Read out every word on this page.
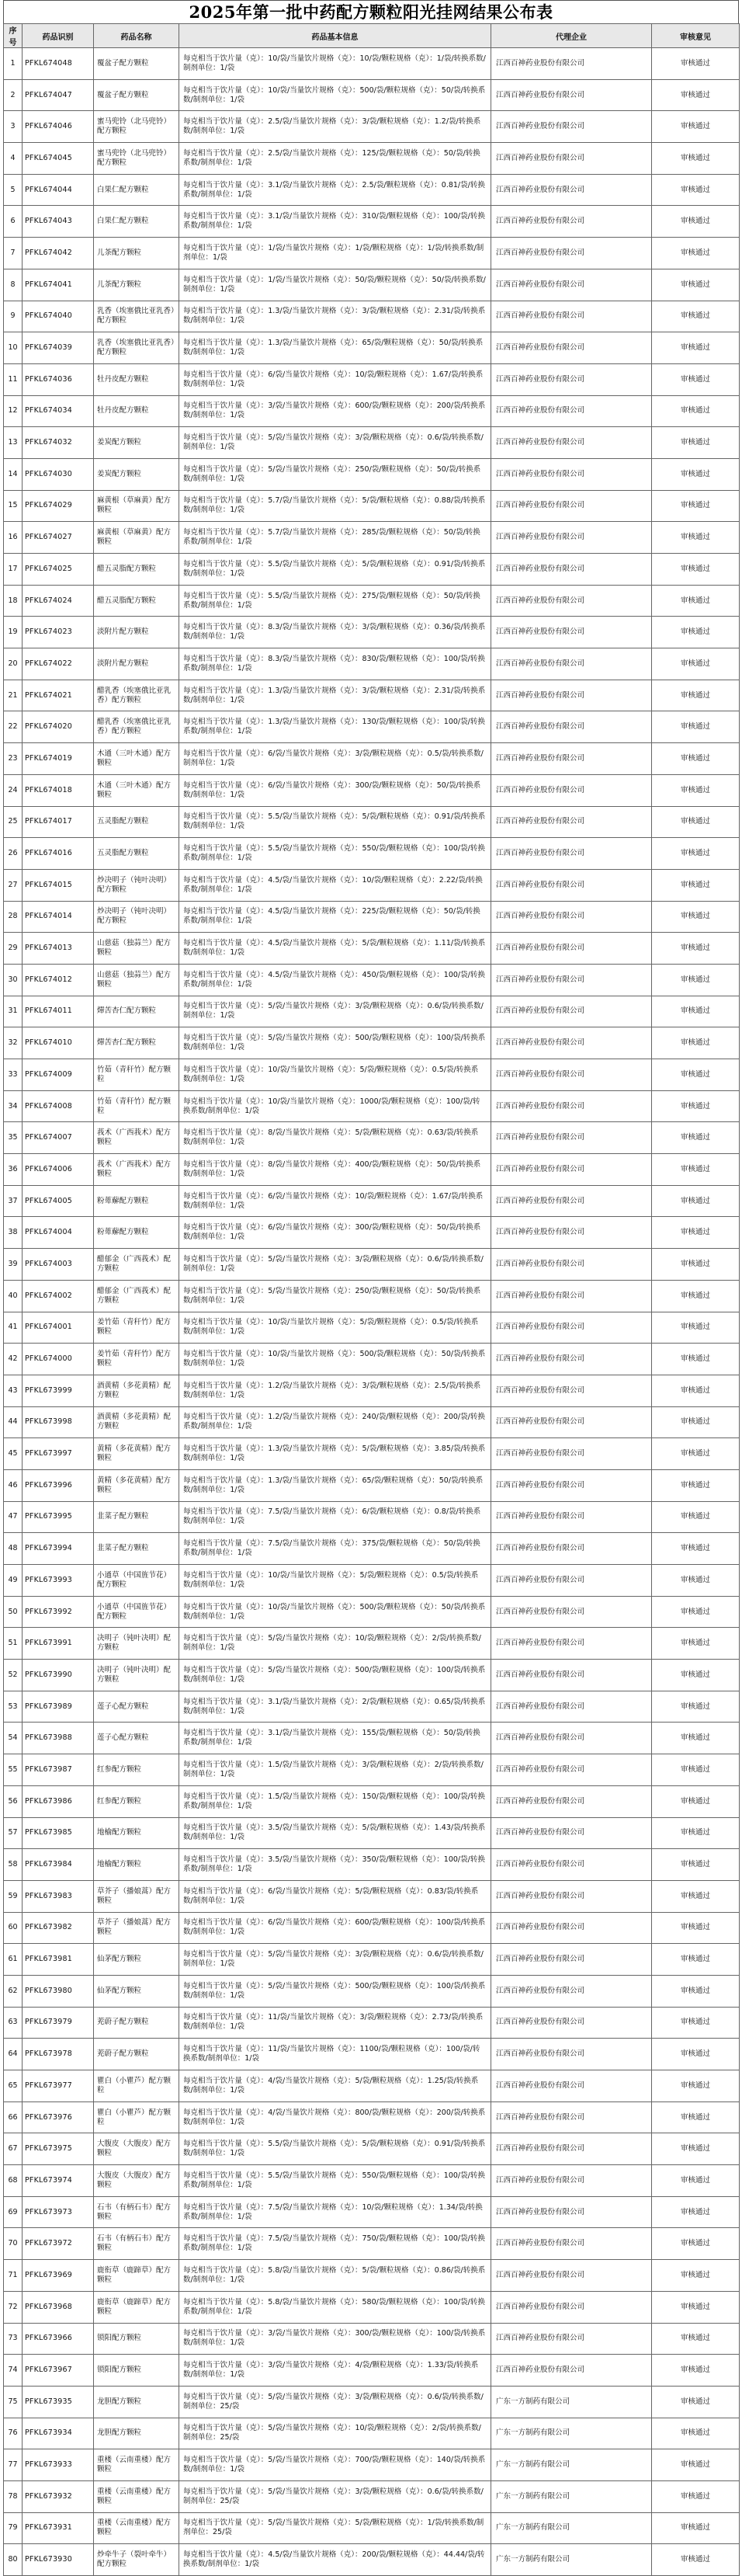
2025年第一批中药配方颗粒阳光挂网结果公布表
序号	药品识别	药品名称	药品基本信息	代理企业	审核意见
1	PFKL674048	覆盆子配方颗粒	每克相当于饮片量（克）：10/袋/当量饮片规格（克）：10/袋/颗粒规格（克）：1/袋/转换系数/制剂单位：1/袋	江西百神药业股份有限公司	审核通过
2	PFKL674047	覆盆子配方颗粒	每克相当于饮片量（克）：10/袋/当量饮片规格（克）：500/袋/颗粒规格（克）：50/袋/转换系数/制剂单位：1/袋	江西百神药业股份有限公司	审核通过
3	PFKL674046	蜜马兜铃（北马兜铃）配方颗粒	每克相当于饮片量（克）：2.5/袋/当量饮片规格（克）：3/袋/颗粒规格（克）：1.2/袋/转换系数/制剂单位：1/袋	江西百神药业股份有限公司	审核通过
4	PFKL674045	蜜马兜铃（北马兜铃）配方颗粒	每克相当于饮片量（克）：2.5/袋/当量饮片规格（克）：125/袋/颗粒规格（克）：50/袋/转换系数/制剂单位：1/袋	江西百神药业股份有限公司	审核通过
5	PFKL674044	白果仁配方颗粒	每克相当于饮片量（克）：3.1/袋/当量饮片规格（克）：2.5/袋/颗粒规格（克）：0.81/袋/转换系数/制剂单位：1/袋	江西百神药业股份有限公司	审核通过
6	PFKL674043	白果仁配方颗粒	每克相当于饮片量（克）：3.1/袋/当量饮片规格（克）：310/袋/颗粒规格（克）：100/袋/转换系数/制剂单位：1/袋	江西百神药业股份有限公司	审核通过
7	PFKL674042	儿茶配方颗粒	每克相当于饮片量（克）：1/袋/当量饮片规格（克）：1/袋/颗粒规格（克）：1/袋/转换系数/制剂单位：1/袋	江西百神药业股份有限公司	审核通过
8	PFKL674041	儿茶配方颗粒	每克相当于饮片量（克）：1/袋/当量饮片规格（克）：50/袋/颗粒规格（克）：50/袋/转换系数/制剂单位：1/袋	江西百神药业股份有限公司	审核通过
9	PFKL674040	乳香（埃塞俄比亚乳香）配方颗粒	每克相当于饮片量（克）：1.3/袋/当量饮片规格（克）：3/袋/颗粒规格（克）：2.31/袋/转换系数/制剂单位：1/袋	江西百神药业股份有限公司	审核通过
10	PFKL674039	乳香（埃塞俄比亚乳香）配方颗粒	每克相当于饮片量（克）：1.3/袋/当量饮片规格（克）：65/袋/颗粒规格（克）：50/袋/转换系数/制剂单位：1/袋	江西百神药业股份有限公司	审核通过
11	PFKL674036	牡丹皮配方颗粒	每克相当于饮片量（克）：6/袋/当量饮片规格（克）：10/袋/颗粒规格（克）：1.67/袋/转换系数/制剂单位：1/袋	江西百神药业股份有限公司	审核通过
12	PFKL674034	牡丹皮配方颗粒	每克相当于饮片量（克）：3/袋/当量饮片规格（克）：600/袋/颗粒规格（克）：200/袋/转换系数/制剂单位：1/袋	江西百神药业股份有限公司	审核通过
13	PFKL674032	姜炭配方颗粒	每克相当于饮片量（克）：5/袋/当量饮片规格（克）：3/袋/颗粒规格（克）：0.6/袋/转换系数/制剂单位：1/袋	江西百神药业股份有限公司	审核通过
14	PFKL674030	姜炭配方颗粒	每克相当于饮片量（克）：5/袋/当量饮片规格（克）：250/袋/颗粒规格（克）：50/袋/转换系数/制剂单位：1/袋	江西百神药业股份有限公司	审核通过
15	PFKL674029	麻黄根（草麻黄）配方颗粒	每克相当于饮片量（克）：5.7/袋/当量饮片规格（克）：5/袋/颗粒规格（克）：0.88/袋/转换系数/制剂单位：1/袋	江西百神药业股份有限公司	审核通过
16	PFKL674027	麻黄根（草麻黄）配方颗粒	每克相当于饮片量（克）：5.7/袋/当量饮片规格（克）：285/袋/颗粒规格（克）：50/袋/转换系数/制剂单位：1/袋	江西百神药业股份有限公司	审核通过
17	PFKL674025	醋五灵脂配方颗粒	每克相当于饮片量（克）：5.5/袋/当量饮片规格（克）：5/袋/颗粒规格（克）：0.91/袋/转换系数/制剂单位：1/袋	江西百神药业股份有限公司	审核通过
18	PFKL674024	醋五灵脂配方颗粒	每克相当于饮片量（克）：5.5/袋/当量饮片规格（克）：275/袋/颗粒规格（克）：50/袋/转换系数/制剂单位：1/袋	江西百神药业股份有限公司	审核通过
19	PFKL674023	淡附片配方颗粒	每克相当于饮片量（克）：8.3/袋/当量饮片规格（克）：3/袋/颗粒规格（克）：0.36/袋/转换系数/制剂单位：1/袋	江西百神药业股份有限公司	审核通过
20	PFKL674022	淡附片配方颗粒	每克相当于饮片量（克）：8.3/袋/当量饮片规格（克）：830/袋/颗粒规格（克）：100/袋/转换系数/制剂单位：1/袋	江西百神药业股份有限公司	审核通过
21	PFKL674021	醋乳香（埃塞俄比亚乳香）配方颗粒	每克相当于饮片量（克）：1.3/袋/当量饮片规格（克）：3/袋/颗粒规格（克）：2.31/袋/转换系数/制剂单位：1/袋	江西百神药业股份有限公司	审核通过
22	PFKL674020	醋乳香（埃塞俄比亚乳香）配方颗粒	每克相当于饮片量（克）：1.3/袋/当量饮片规格（克）：130/袋/颗粒规格（克）：100/袋/转换系数/制剂单位：1/袋	江西百神药业股份有限公司	审核通过
23	PFKL674019	木通（三叶木通）配方颗粒	每克相当于饮片量（克）：6/袋/当量饮片规格（克）：3/袋/颗粒规格（克）：0.5/袋/转换系数/制剂单位：1/袋	江西百神药业股份有限公司	审核通过
24	PFKL674018	木通（三叶木通）配方颗粒	每克相当于饮片量（克）：6/袋/当量饮片规格（克）：300/袋/颗粒规格（克）：50/袋/转换系数/制剂单位：1/袋	江西百神药业股份有限公司	审核通过
25	PFKL674017	五灵脂配方颗粒	每克相当于饮片量（克）：5.5/袋/当量饮片规格（克）：5/袋/颗粒规格（克）：0.91/袋/转换系数/制剂单位：1/袋	江西百神药业股份有限公司	审核通过
26	PFKL674016	五灵脂配方颗粒	每克相当于饮片量（克）：5.5/袋/当量饮片规格（克）：550/袋/颗粒规格（克）：100/袋/转换系数/制剂单位：1/袋	江西百神药业股份有限公司	审核通过
27	PFKL674015	炒决明子（钝叶决明）配方颗粒	每克相当于饮片量（克）：4.5/袋/当量饮片规格（克）：10/袋/颗粒规格（克）：2.22/袋/转换系数/制剂单位：1/袋	江西百神药业股份有限公司	审核通过
28	PFKL674014	炒决明子（钝叶决明）配方颗粒	每克相当于饮片量（克）：4.5/袋/当量饮片规格（克）：225/袋/颗粒规格（克）：50/袋/转换系数/制剂单位：1/袋	江西百神药业股份有限公司	审核通过
29	PFKL674013	山慈菇（独蒜兰）配方颗粒	每克相当于饮片量（克）：4.5/袋/当量饮片规格（克）：5/袋/颗粒规格（克）：1.11/袋/转换系数/制剂单位：1/袋	江西百神药业股份有限公司	审核通过
30	PFKL674012	山慈菇（独蒜兰）配方颗粒	每克相当于饮片量（克）：4.5/袋/当量饮片规格（克）：450/袋/颗粒规格（克）：100/袋/转换系数/制剂单位：1/袋	江西百神药业股份有限公司	审核通过
31	PFKL674011	燀苦杏仁配方颗粒	每克相当于饮片量（克）：5/袋/当量饮片规格（克）：3/袋/颗粒规格（克）：0.6/袋/转换系数/制剂单位：1/袋	江西百神药业股份有限公司	审核通过
32	PFKL674010	燀苦杏仁配方颗粒	每克相当于饮片量（克）：5/袋/当量饮片规格（克）：500/袋/颗粒规格（克）：100/袋/转换系数/制剂单位：1/袋	江西百神药业股份有限公司	审核通过
33	PFKL674009	竹茹（青秆竹）配方颗粒	每克相当于饮片量（克）：10/袋/当量饮片规格（克）：5/袋/颗粒规格（克）：0.5/袋/转换系数/制剂单位：1/袋	江西百神药业股份有限公司	审核通过
34	PFKL674008	竹茹（青秆竹）配方颗粒	每克相当于饮片量（克）：10/袋/当量饮片规格（克）：1000/袋/颗粒规格（克）：100/袋/转换系数/制剂单位：1/袋	江西百神药业股份有限公司	审核通过
35	PFKL674007	莪术（广西莪术）配方颗粒	每克相当于饮片量（克）：8/袋/当量饮片规格（克）：5/袋/颗粒规格（克）：0.63/袋/转换系数/制剂单位：1/袋	江西百神药业股份有限公司	审核通过
36	PFKL674006	莪术（广西莪术）配方颗粒	每克相当于饮片量（克）：8/袋/当量饮片规格（克）：400/袋/颗粒规格（克）：50/袋/转换系数/制剂单位：1/袋	江西百神药业股份有限公司	审核通过
37	PFKL674005	粉萆薢配方颗粒	每克相当于饮片量（克）：6/袋/当量饮片规格（克）：10/袋/颗粒规格（克）：1.67/袋/转换系数/制剂单位：1/袋	江西百神药业股份有限公司	审核通过
38	PFKL674004	粉萆薢配方颗粒	每克相当于饮片量（克）：6/袋/当量饮片规格（克）：300/袋/颗粒规格（克）：50/袋/转换系数/制剂单位：1/袋	江西百神药业股份有限公司	审核通过
39	PFKL674003	醋郁金（广西莪术）配方颗粒	每克相当于饮片量（克）：5/袋/当量饮片规格（克）：3/袋/颗粒规格（克）：0.6/袋/转换系数/制剂单位：1/袋	江西百神药业股份有限公司	审核通过
40	PFKL674002	醋郁金（广西莪术）配方颗粒	每克相当于饮片量（克）：5/袋/当量饮片规格（克）：250/袋/颗粒规格（克）：50/袋/转换系数/制剂单位：1/袋	江西百神药业股份有限公司	审核通过
41	PFKL674001	姜竹茹（青秆竹）配方颗粒	每克相当于饮片量（克）：10/袋/当量饮片规格（克）：5/袋/颗粒规格（克）：0.5/袋/转换系数/制剂单位：1/袋	江西百神药业股份有限公司	审核通过
42	PFKL674000	姜竹茹（青秆竹）配方颗粒	每克相当于饮片量（克）：10/袋/当量饮片规格（克）：500/袋/颗粒规格（克）：50/袋/转换系数/制剂单位：1/袋	江西百神药业股份有限公司	审核通过
43	PFKL673999	酒黄精（多花黄精）配方颗粒	每克相当于饮片量（克）：1.2/袋/当量饮片规格（克）：3/袋/颗粒规格（克）：2.5/袋/转换系数/制剂单位：1/袋	江西百神药业股份有限公司	审核通过
44	PFKL673998	酒黄精（多花黄精）配方颗粒	每克相当于饮片量（克）：1.2/袋/当量饮片规格（克）：240/袋/颗粒规格（克）：200/袋/转换系数/制剂单位：1/袋	江西百神药业股份有限公司	审核通过
45	PFKL673997	黄精（多花黄精）配方颗粒	每克相当于饮片量（克）：1.3/袋/当量饮片规格（克）：5/袋/颗粒规格（克）：3.85/袋/转换系数/制剂单位：1/袋	江西百神药业股份有限公司	审核通过
46	PFKL673996	黄精（多花黄精）配方颗粒	每克相当于饮片量（克）：1.3/袋/当量饮片规格（克）：65/袋/颗粒规格（克）：50/袋/转换系数/制剂单位：1/袋	江西百神药业股份有限公司	审核通过
47	PFKL673995	韭菜子配方颗粒	每克相当于饮片量（克）：7.5/袋/当量饮片规格（克）：6/袋/颗粒规格（克）：0.8/袋/转换系数/制剂单位：1/袋	江西百神药业股份有限公司	审核通过
48	PFKL673994	韭菜子配方颗粒	每克相当于饮片量（克）：7.5/袋/当量饮片规格（克）：375/袋/颗粒规格（克）：50/袋/转换系数/制剂单位：1/袋	江西百神药业股份有限公司	审核通过
49	PFKL673993	小通草（中国旌节花）配方颗粒	每克相当于饮片量（克）：10/袋/当量饮片规格（克）：5/袋/颗粒规格（克）：0.5/袋/转换系数/制剂单位：1/袋	江西百神药业股份有限公司	审核通过
50	PFKL673992	小通草（中国旌节花）配方颗粒	每克相当于饮片量（克）：10/袋/当量饮片规格（克）：500/袋/颗粒规格（克）：50/袋/转换系数/制剂单位：1/袋	江西百神药业股份有限公司	审核通过
51	PFKL673991	决明子（钝叶决明）配方颗粒	每克相当于饮片量（克）：5/袋/当量饮片规格（克）：10/袋/颗粒规格（克）：2/袋/转换系数/制剂单位：1/袋	江西百神药业股份有限公司	审核通过
52	PFKL673990	决明子（钝叶决明）配方颗粒	每克相当于饮片量（克）：5/袋/当量饮片规格（克）：500/袋/颗粒规格（克）：100/袋/转换系数/制剂单位：1/袋	江西百神药业股份有限公司	审核通过
53	PFKL673989	莲子心配方颗粒	每克相当于饮片量（克）：3.1/袋/当量饮片规格（克）：2/袋/颗粒规格（克）：0.65/袋/转换系数/制剂单位：1/袋	江西百神药业股份有限公司	审核通过
54	PFKL673988	莲子心配方颗粒	每克相当于饮片量（克）：3.1/袋/当量饮片规格（克）：155/袋/颗粒规格（克）：50/袋/转换系数/制剂单位：1/袋	江西百神药业股份有限公司	审核通过
55	PFKL673987	红参配方颗粒	每克相当于饮片量（克）：1.5/袋/当量饮片规格（克）：3/袋/颗粒规格（克）：2/袋/转换系数/制剂单位：1/袋	江西百神药业股份有限公司	审核通过
56	PFKL673986	红参配方颗粒	每克相当于饮片量（克）：1.5/袋/当量饮片规格（克）：150/袋/颗粒规格（克）：100/袋/转换系数/制剂单位：1/袋	江西百神药业股份有限公司	审核通过
57	PFKL673985	地榆配方颗粒	每克相当于饮片量（克）：3.5/袋/当量饮片规格（克）：5/袋/颗粒规格（克）：1.43/袋/转换系数/制剂单位：1/袋	江西百神药业股份有限公司	审核通过
58	PFKL673984	地榆配方颗粒	每克相当于饮片量（克）：3.5/袋/当量饮片规格（克）：350/袋/颗粒规格（克）：100/袋/转换系数/制剂单位：1/袋	江西百神药业股份有限公司	审核通过
59	PFKL673983	草芥子（播娘蒿）配方颗粒	每克相当于饮片量（克）：6/袋/当量饮片规格（克）：5/袋/颗粒规格（克）：0.83/袋/转换系数/制剂单位：1/袋	江西百神药业股份有限公司	审核通过
60	PFKL673982	草芥子（播娘蒿）配方颗粒	每克相当于饮片量（克）：6/袋/当量饮片规格（克）：600/袋/颗粒规格（克）：100/袋/转换系数/制剂单位：1/袋	江西百神药业股份有限公司	审核通过
61	PFKL673981	仙茅配方颗粒	每克相当于饮片量（克）：5/袋/当量饮片规格（克）：3/袋/颗粒规格（克）：0.6/袋/转换系数/制剂单位：1/袋	江西百神药业股份有限公司	审核通过
62	PFKL673980	仙茅配方颗粒	每克相当于饮片量（克）：5/袋/当量饮片规格（克）：500/袋/颗粒规格（克）：100/袋/转换系数/制剂单位：1/袋	江西百神药业股份有限公司	审核通过
63	PFKL673979	茺蔚子配方颗粒	每克相当于饮片量（克）：11/袋/当量饮片规格（克）：3/袋/颗粒规格（克）：2.73/袋/转换系数/制剂单位：1/袋	江西百神药业股份有限公司	审核通过
64	PFKL673978	茺蔚子配方颗粒	每克相当于饮片量（克）：11/袋/当量饮片规格（克）：1100/袋/颗粒规格（克）：100/袋/转换系数/制剂单位：1/袋	江西百神药业股份有限公司	审核通过
65	PFKL673977	瞿白（小瞿芦）配方颗粒	每克相当于饮片量（克）：4/袋/当量饮片规格（克）：5/袋/颗粒规格（克）：1.25/袋/转换系数/制剂单位：1/袋	江西百神药业股份有限公司	审核通过
66	PFKL673976	瞿白（小瞿芦）配方颗粒	每克相当于饮片量（克）：4/袋/当量饮片规格（克）：800/袋/颗粒规格（克）：200/袋/转换系数/制剂单位：1/袋	江西百神药业股份有限公司	审核通过
67	PFKL673975	大腹皮（大腹皮）配方颗粒	每克相当于饮片量（克）：5.5/袋/当量饮片规格（克）：5/袋/颗粒规格（克）：0.91/袋/转换系数/制剂单位：1/袋	江西百神药业股份有限公司	审核通过
68	PFKL673974	大腹皮（大腹皮）配方颗粒	每克相当于饮片量（克）：5.5/袋/当量饮片规格（克）：550/袋/颗粒规格（克）：100/袋/转换系数/制剂单位：1/袋	江西百神药业股份有限公司	审核通过
69	PFKL673973	石韦（有柄石韦）配方颗粒	每克相当于饮片量（克）：7.5/袋/当量饮片规格（克）：10/袋/颗粒规格（克）：1.34/袋/转换系数/制剂单位：1/袋	江西百神药业股份有限公司	审核通过
70	PFKL673972	石韦（有柄石韦）配方颗粒	每克相当于饮片量（克）：7.5/袋/当量饮片规格（克）：750/袋/颗粒规格（克）：100/袋/转换系数/制剂单位：1/袋	江西百神药业股份有限公司	审核通过
71	PFKL673969	鹿衔草（鹿蹄草）配方颗粒	每克相当于饮片量（克）：5.8/袋/当量饮片规格（克）：5/袋/颗粒规格（克）：0.86/袋/转换系数/制剂单位：1/袋	江西百神药业股份有限公司	审核通过
72	PFKL673968	鹿衔草（鹿蹄草）配方颗粒	每克相当于饮片量（克）：5.8/袋/当量饮片规格（克）：580/袋/颗粒规格（克）：100/袋/转换系数/制剂单位：1/袋	江西百神药业股份有限公司	审核通过
73	PFKL673966	锁阳配方颗粒	每克相当于饮片量（克）：3/袋/当量饮片规格（克）：300/袋/颗粒规格（克）：100/袋/转换系数/制剂单位：1/袋	江西百神药业股份有限公司	审核通过
74	PFKL673967	锁阳配方颗粒	每克相当于饮片量（克）：3/袋/当量饮片规格（克）：4/袋/颗粒规格（克）：1.33/袋/转换系数/制剂单位：1/袋	江西百神药业股份有限公司	审核通过
75	PFKL673935	龙胆配方颗粒	每克相当于饮片量（克）：5/袋/当量饮片规格（克）：3/袋/颗粒规格（克）：0.6/袋/转换系数/制剂单位：25/袋	广东一方制药有限公司	审核通过
76	PFKL673934	龙胆配方颗粒	每克相当于饮片量（克）：5/袋/当量饮片规格（克）：10/袋/颗粒规格（克）：2/袋/转换系数/制剂单位：25/袋	广东一方制药有限公司	审核通过
77	PFKL673933	重楼（云南重楼）配方颗粒	每克相当于饮片量（克）：5/袋/当量饮片规格（克）：700/袋/颗粒规格（克）：140/袋/转换系数/制剂单位：1/袋	广东一方制药有限公司	审核通过
78	PFKL673932	重楼（云南重楼）配方颗粒	每克相当于饮片量（克）：5/袋/当量饮片规格（克）：3/袋/颗粒规格（克）：0.6/袋/转换系数/制剂单位：25/袋	广东一方制药有限公司	审核通过
79	PFKL673931	重楼（云南重楼）配方颗粒	每克相当于饮片量（克）：5/袋/当量饮片规格（克）：5/袋/颗粒规格（克）：1/袋/转换系数/制剂单位：25/袋	广东一方制药有限公司	审核通过
80	PFKL673930	炒牵牛子（裂叶牵牛）配方颗粒	每克相当于饮片量（克）：4.5/袋/当量饮片规格（克）：200/袋/颗粒规格（克）：44.44/袋/转换系数/制剂单位：1/袋	广东一方制药有限公司	审核通过
